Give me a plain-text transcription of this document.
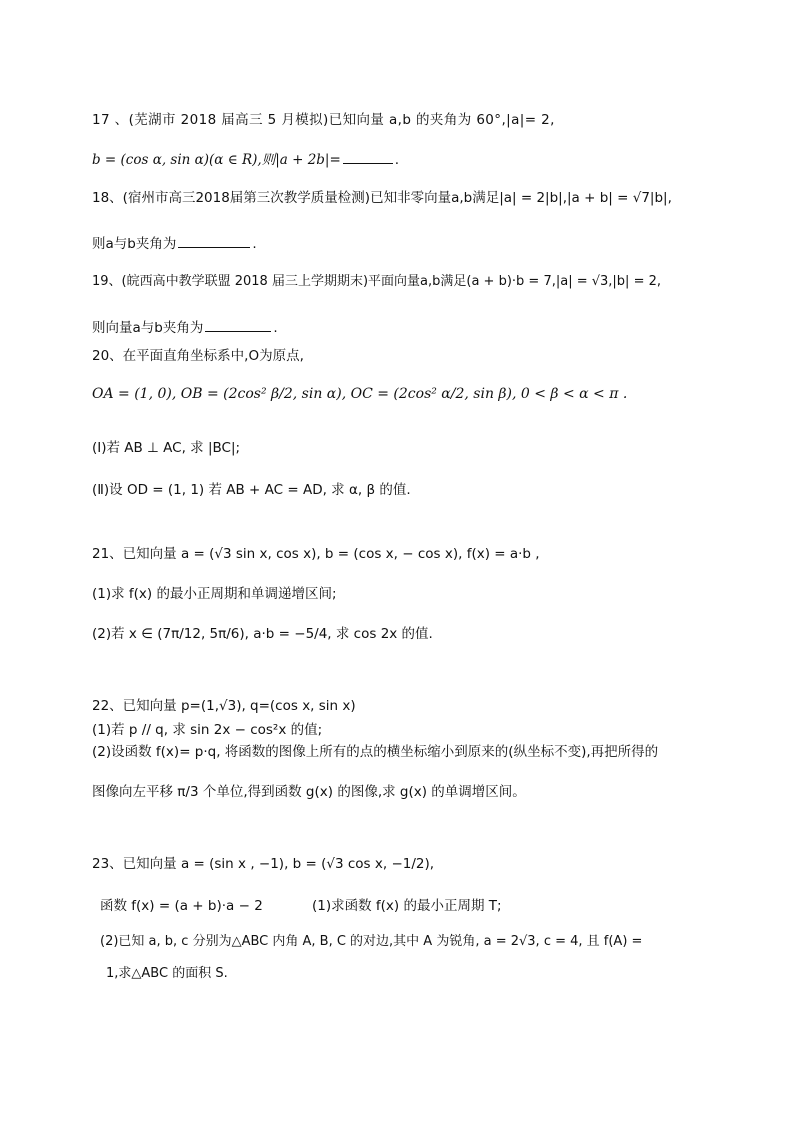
17 、(芜湖市 2018 届高三 5 月模拟)已知向量 a,b 的夹角为 60°,|a|= 2,
b = (cos α, sin α)(α ∈ R),则|a + 2b|=	.
18、(宿州市高三2018届第三次教学质量检测)已知非零向量a,b满足|a| = 2|b|,|a + b| = √7|b|,
则a与b夹角为	.
19、(皖西高中教学联盟 2018 届三上学期期末)平面向量a,b满足(a + b)·b = 7,|a| = √3,|b| = 2,
则向量a与b夹角为	.
20、在平面直角坐标系中,O为原点,
OA = (1, 0), OB = (2cos² β/2, sin α), OC = (2cos² α/2, sin β), 0 < β < α < π .
(I)若 AB ⊥ AC, 求 |BC|;
(Ⅱ)设 OD = (1, 1) 若 AB + AC = AD, 求 α, β 的值.
21、已知向量 a = (√3 sin x, cos x), b = (cos x, − cos x), f(x) = a·b ,
(1)求 f(x) 的最小正周期和单调递增区间;
(2)若 x ∈ (7π/12, 5π/6), a·b = −5/4, 求 cos 2x 的值.
22、已知向量 p=(1,√3), q=(cos x, sin x)
(1)若 p // q, 求 sin 2x − cos²x 的值;
(2)设函数 f(x)= p·q, 将函数的图像上所有的点的横坐标缩小到原来的(纵坐标不变),再把所得的
图像向左平移 π/3 个单位,得到函数 g(x) 的图像,求 g(x) 的单调增区间。
23、已知向量 a = (sin x , −1), b = (√3 cos x, −1/2),
函数 f(x) = (a + b)·a − 2	(1)求函数 f(x) 的最小正周期 T;
(2)已知 a, b, c 分别为△ABC 内角 A, B, C 的对边,其中 A 为锐角, a = 2√3, c = 4, 且 f(A) =
1,求△ABC 的面积 S.
